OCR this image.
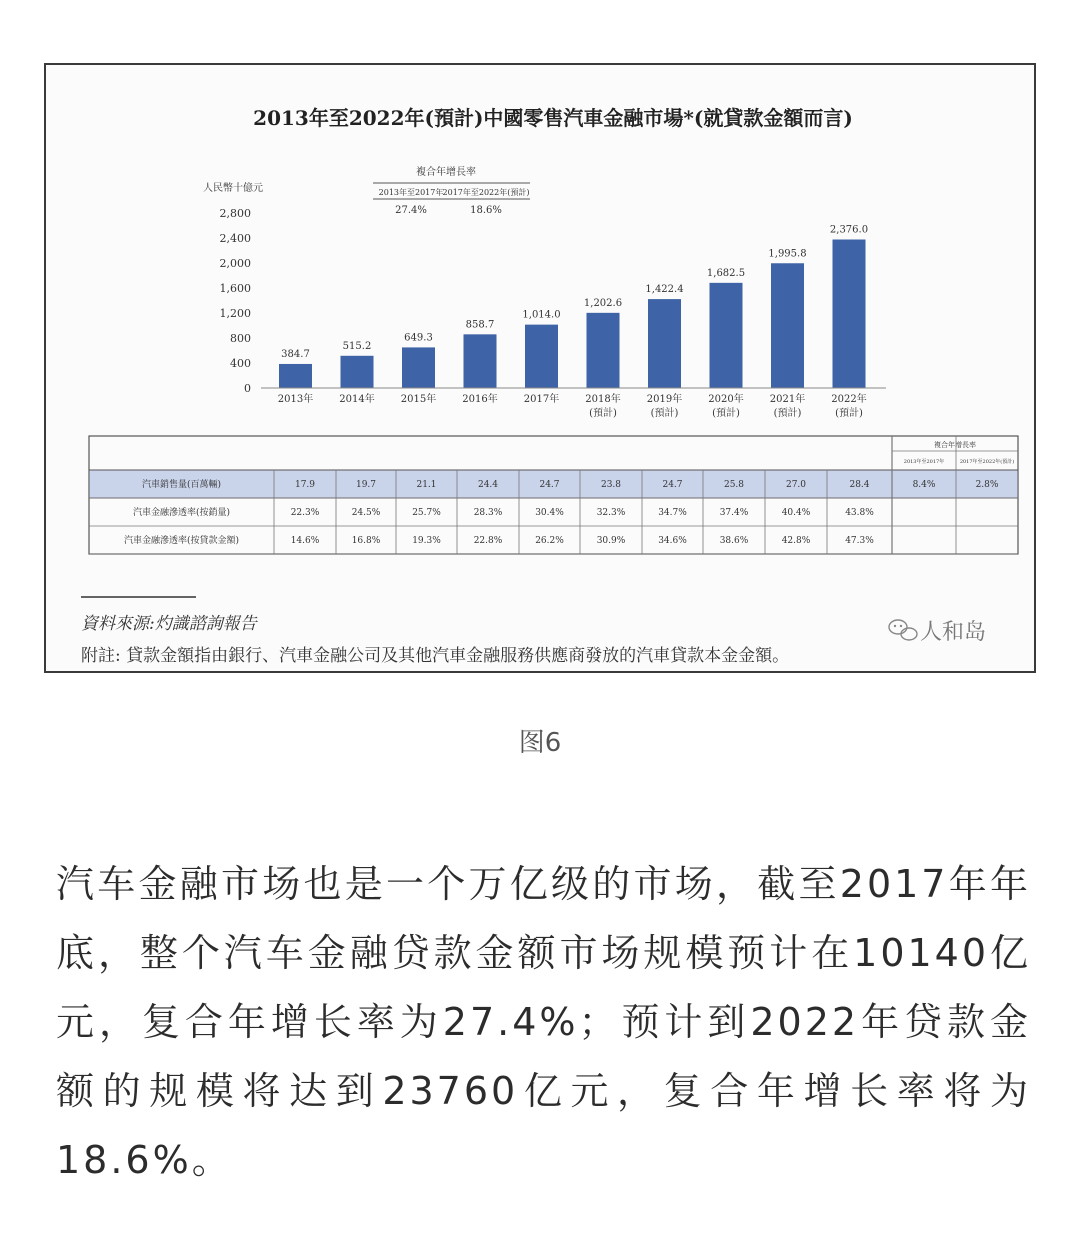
2013年至2022年(預計)中國零售汽車金融市場*(就貸款金額而言)
人民幣十億元
複合年增長率
2013年至2017年 2017年至2022年(預計)
27.4%	18.6%
2,800
2,400
2,000
1,600
1,200
800
400
0
384.7
515.2
649.3
858.7
1,014.0
1,202.6
1,422.4
1,682.5
1,995.8
2,376.0
2013年	2014年	2015年	2016年	2017年	2018年
(預計)
2019年
(預計)
2020年
(預計)
2021年
(預計)
2022年
(預計)
複合年增長率
2013年至2017年	2017年至2022年(預計)
汽車銷售量(百萬輛)	17.9	19.7	21.1	24.4	24.7	23.8	24.7	25.8	27.0	28.4	8.4%	2.8%
汽車金融滲透率(按銷量)	22.3%	24.5%	25.7%	28.3%	30.4%	32.3%	34.7%	37.4%	40.4%	43.8%
汽車金融滲透率(按貸款金額)	14.6%	16.8%	19.3%	22.8%	26.2%	30.9%	34.6%	38.6%	42.8%	47.3%
資料來源:灼識諮詢報告
附註: 貸款金額指由銀行、汽車金融公司及其他汽車金融服務供應商發放的汽車貸款本金金額。
人和岛
图6
汽车金融市场也是一个万亿级的市场，截至2017年年底，整个汽车金融贷款金额市场规模预计在10140亿元，复合年增长率为27.4%；预计到2022年贷款金额的规模将达到23760亿元，复合年增长率将为18.6%。
